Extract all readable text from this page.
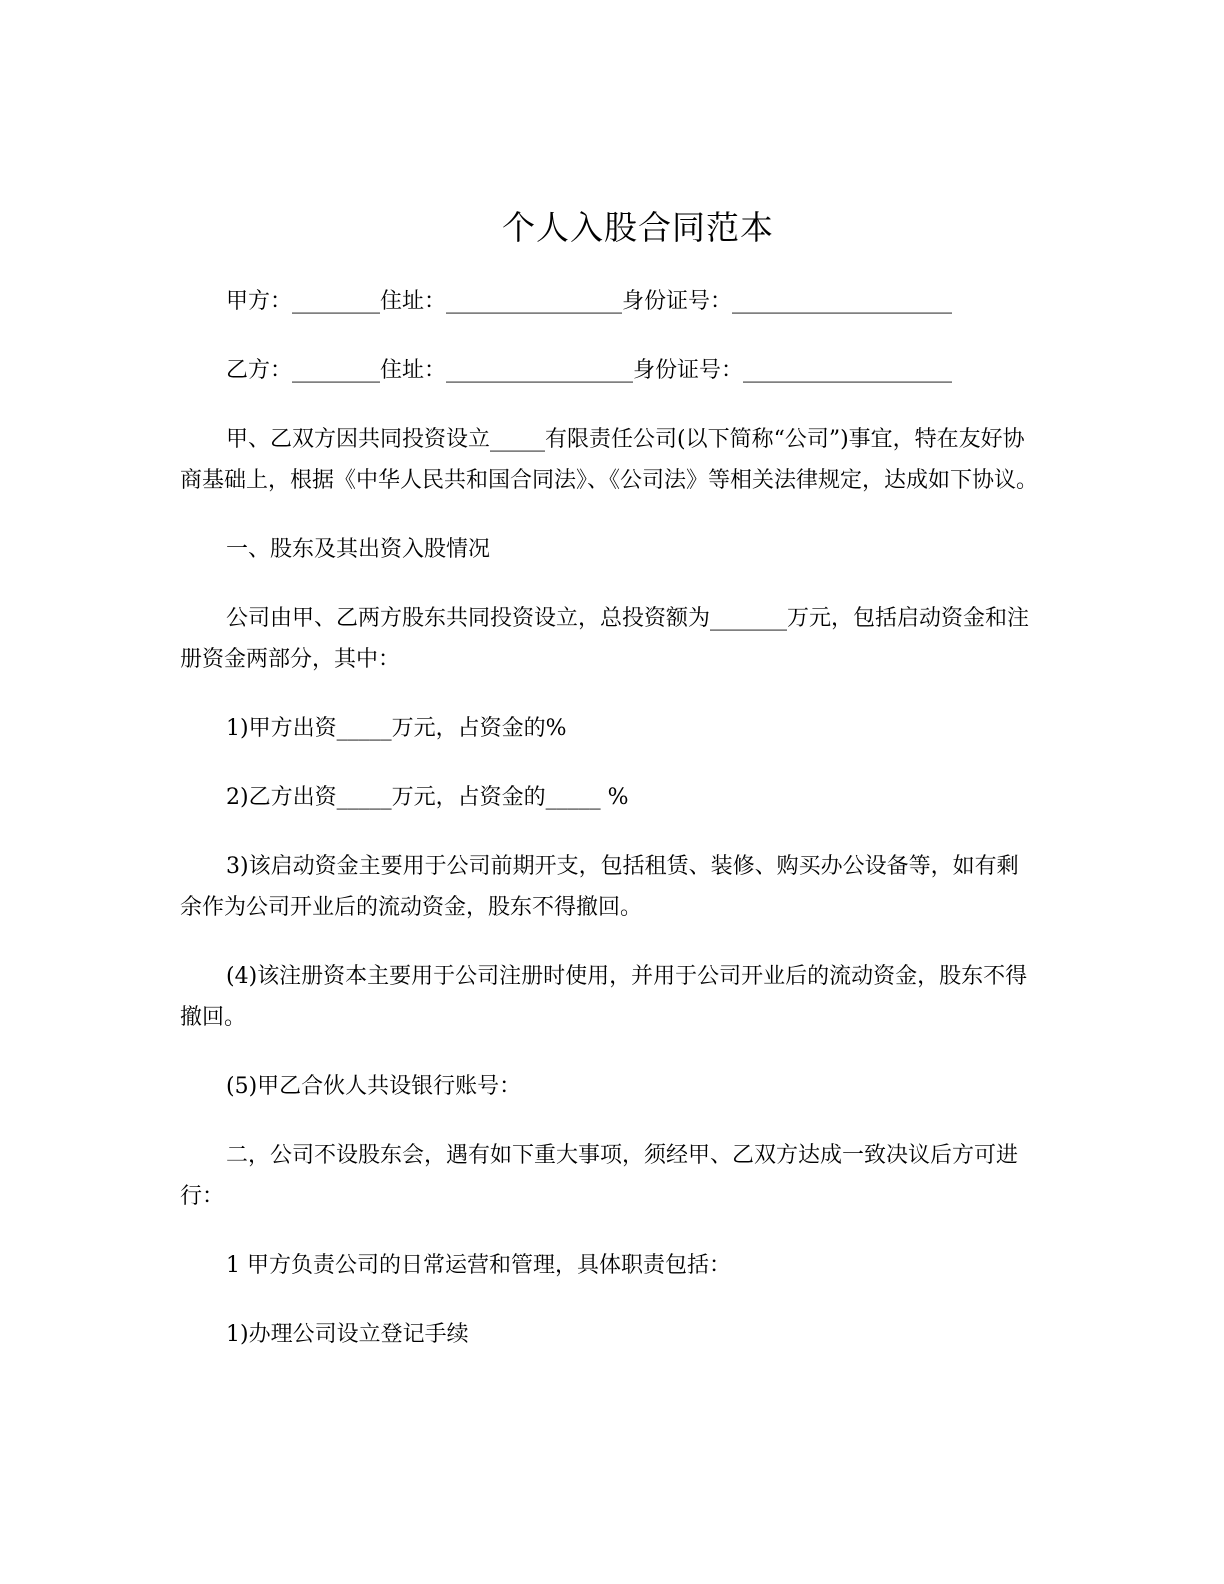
个人入股合同范本

甲方：________住址：________________身份证号：____________________

乙方：________住址：_________________身份证号：___________________

甲、乙双方因共同投资设立_____有限责任公司(以下简称“公司”)事宜，特在友好协商基础上，根据《中华人民共和国合同法》、《公司法》等相关法律规定，达成如下协议。

一、股东及其出资入股情况

公司由甲、乙两方股东共同投资设立，总投资额为_______万元，包括启动资金和注册资金两部分，其中：

1)甲方出资_____万元，占资金的%

2)乙方出资_____万元，占资金的_____ %

3)该启动资金主要用于公司前期开支，包括租赁、装修、购买办公设备等，如有剩余作为公司开业后的流动资金，股东不得撤回。

(4)该注册资本主要用于公司注册时使用，并用于公司开业后的流动资金，股东不得撤回。

(5)甲乙合伙人共设银行账号：

二，公司不设股东会，遇有如下重大事项，须经甲、乙双方达成一致决议后方可进行：

1 甲方负责公司的日常运营和管理，具体职责包括：

1)办理公司设立登记手续
